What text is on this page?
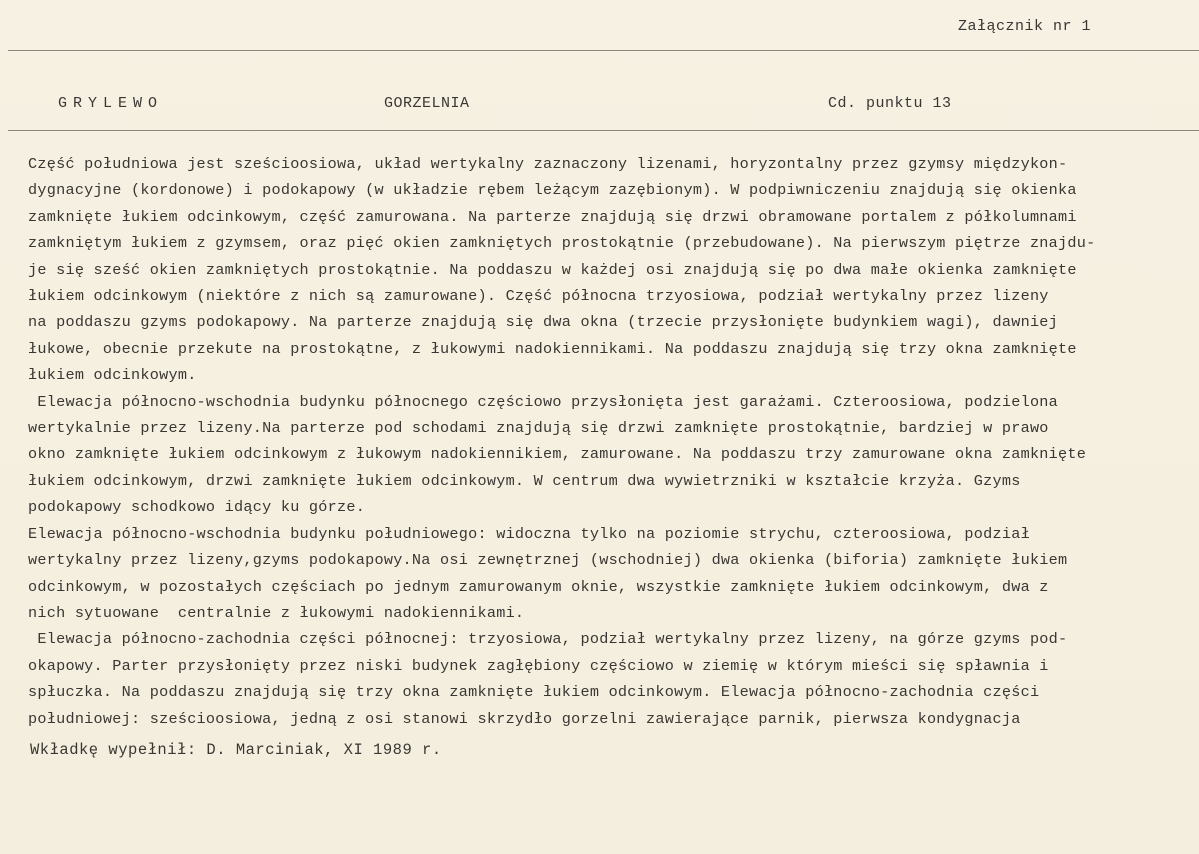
Załącznik nr 1
GRYLEWO	GORZELNIA	Cd. punktu 13
Część południowa jest sześcioosiowa, układ wertykalny zaznaczony lizenami, horyzontalny przez gzymsy międzykon-
dygnacyjne (kordonowe) i podokapowy (w układzie rębem leżącym zazębionym). W podpiwniczeniu znajdują się okienka
zamknięte łukiem odcinkowym, część zamurowana. Na parterze znajdują się drzwi obramowane portalem z półkolumnami
zamkniętym łukiem z gzymsem, oraz pięć okien zamkniętych prostokątnie (przebudowane). Na pierwszym piętrze znajdu-
je się sześć okien zamkniętych prostokątnie. Na poddaszu w każdej osi znajdują się po dwa małe okienka zamknięte
łukiem odcinkowym (niektóre z nich są zamurowane). Część północna trzyosiowa, podział wertykalny przez lizeny
na poddaszu gzyms podokapowy. Na parterze znajdują się dwa okna (trzecie przysłonięte budynkiem wagi), dawniej
łukowe, obecnie przekute na prostokątne, z łukowymi nadokiennikami. Na poddaszu znajdują się trzy okna zamknięte
łukiem odcinkowym.
Elewacja północno-wschodnia budynku północnego częściowo przysłonięta jest garażami. Czteroosiowa, podzielona
wertykalnie przez lizeny.Na parterze pod schodami znajdują się drzwi zamknięte prostokątnie, bardziej w prawo
okno zamknięte łukiem odcinkowym z łukowym nadokiennikiem, zamurowane. Na poddaszu trzy zamurowane okna zamknięte
łukiem odcinkowym, drzwi zamknięte łukiem odcinkowym. W centrum dwa wywietrzniki w kształcie krzyża. Gzyms
podokapowy schodkowo idący ku górze.
Elewacja północno-wschodnia budynku południowego: widoczna tylko na poziomie strychu, czteroosiowa, podział
wertykalny przez lizeny,gzyms podokapowy.Na osi zewnętrznej (wschodniej) dwa okienka (biforia) zamknięte łukiem
odcinkowym, w pozostałych częściach po jednym zamurowanym oknie, wszystkie zamknięte łukiem odcinkowym, dwa z
nich sytuowane  centralnie z łukowymi nadokiennikami.
Elewacja północno-zachodnia części północnej: trzyosiowa, podział wertykalny przez lizeny, na górze gzyms pod-
okapowy. Parter przysłonięty przez niski budynek zagłębiony częściowo w ziemię w którym mieści się spławnia i
spłuczka. Na poddaszu znajdują się trzy okna zamknięte łukiem odcinkowym. Elewacja północno-zachodnia części
południowej: sześcioosiowa, jedną z osi stanowi skrzydło gorzelni zawierające parnik, pierwsza kondygnacja
Wkładkę wypełnił: D. Marciniak, XI 1989 r.
